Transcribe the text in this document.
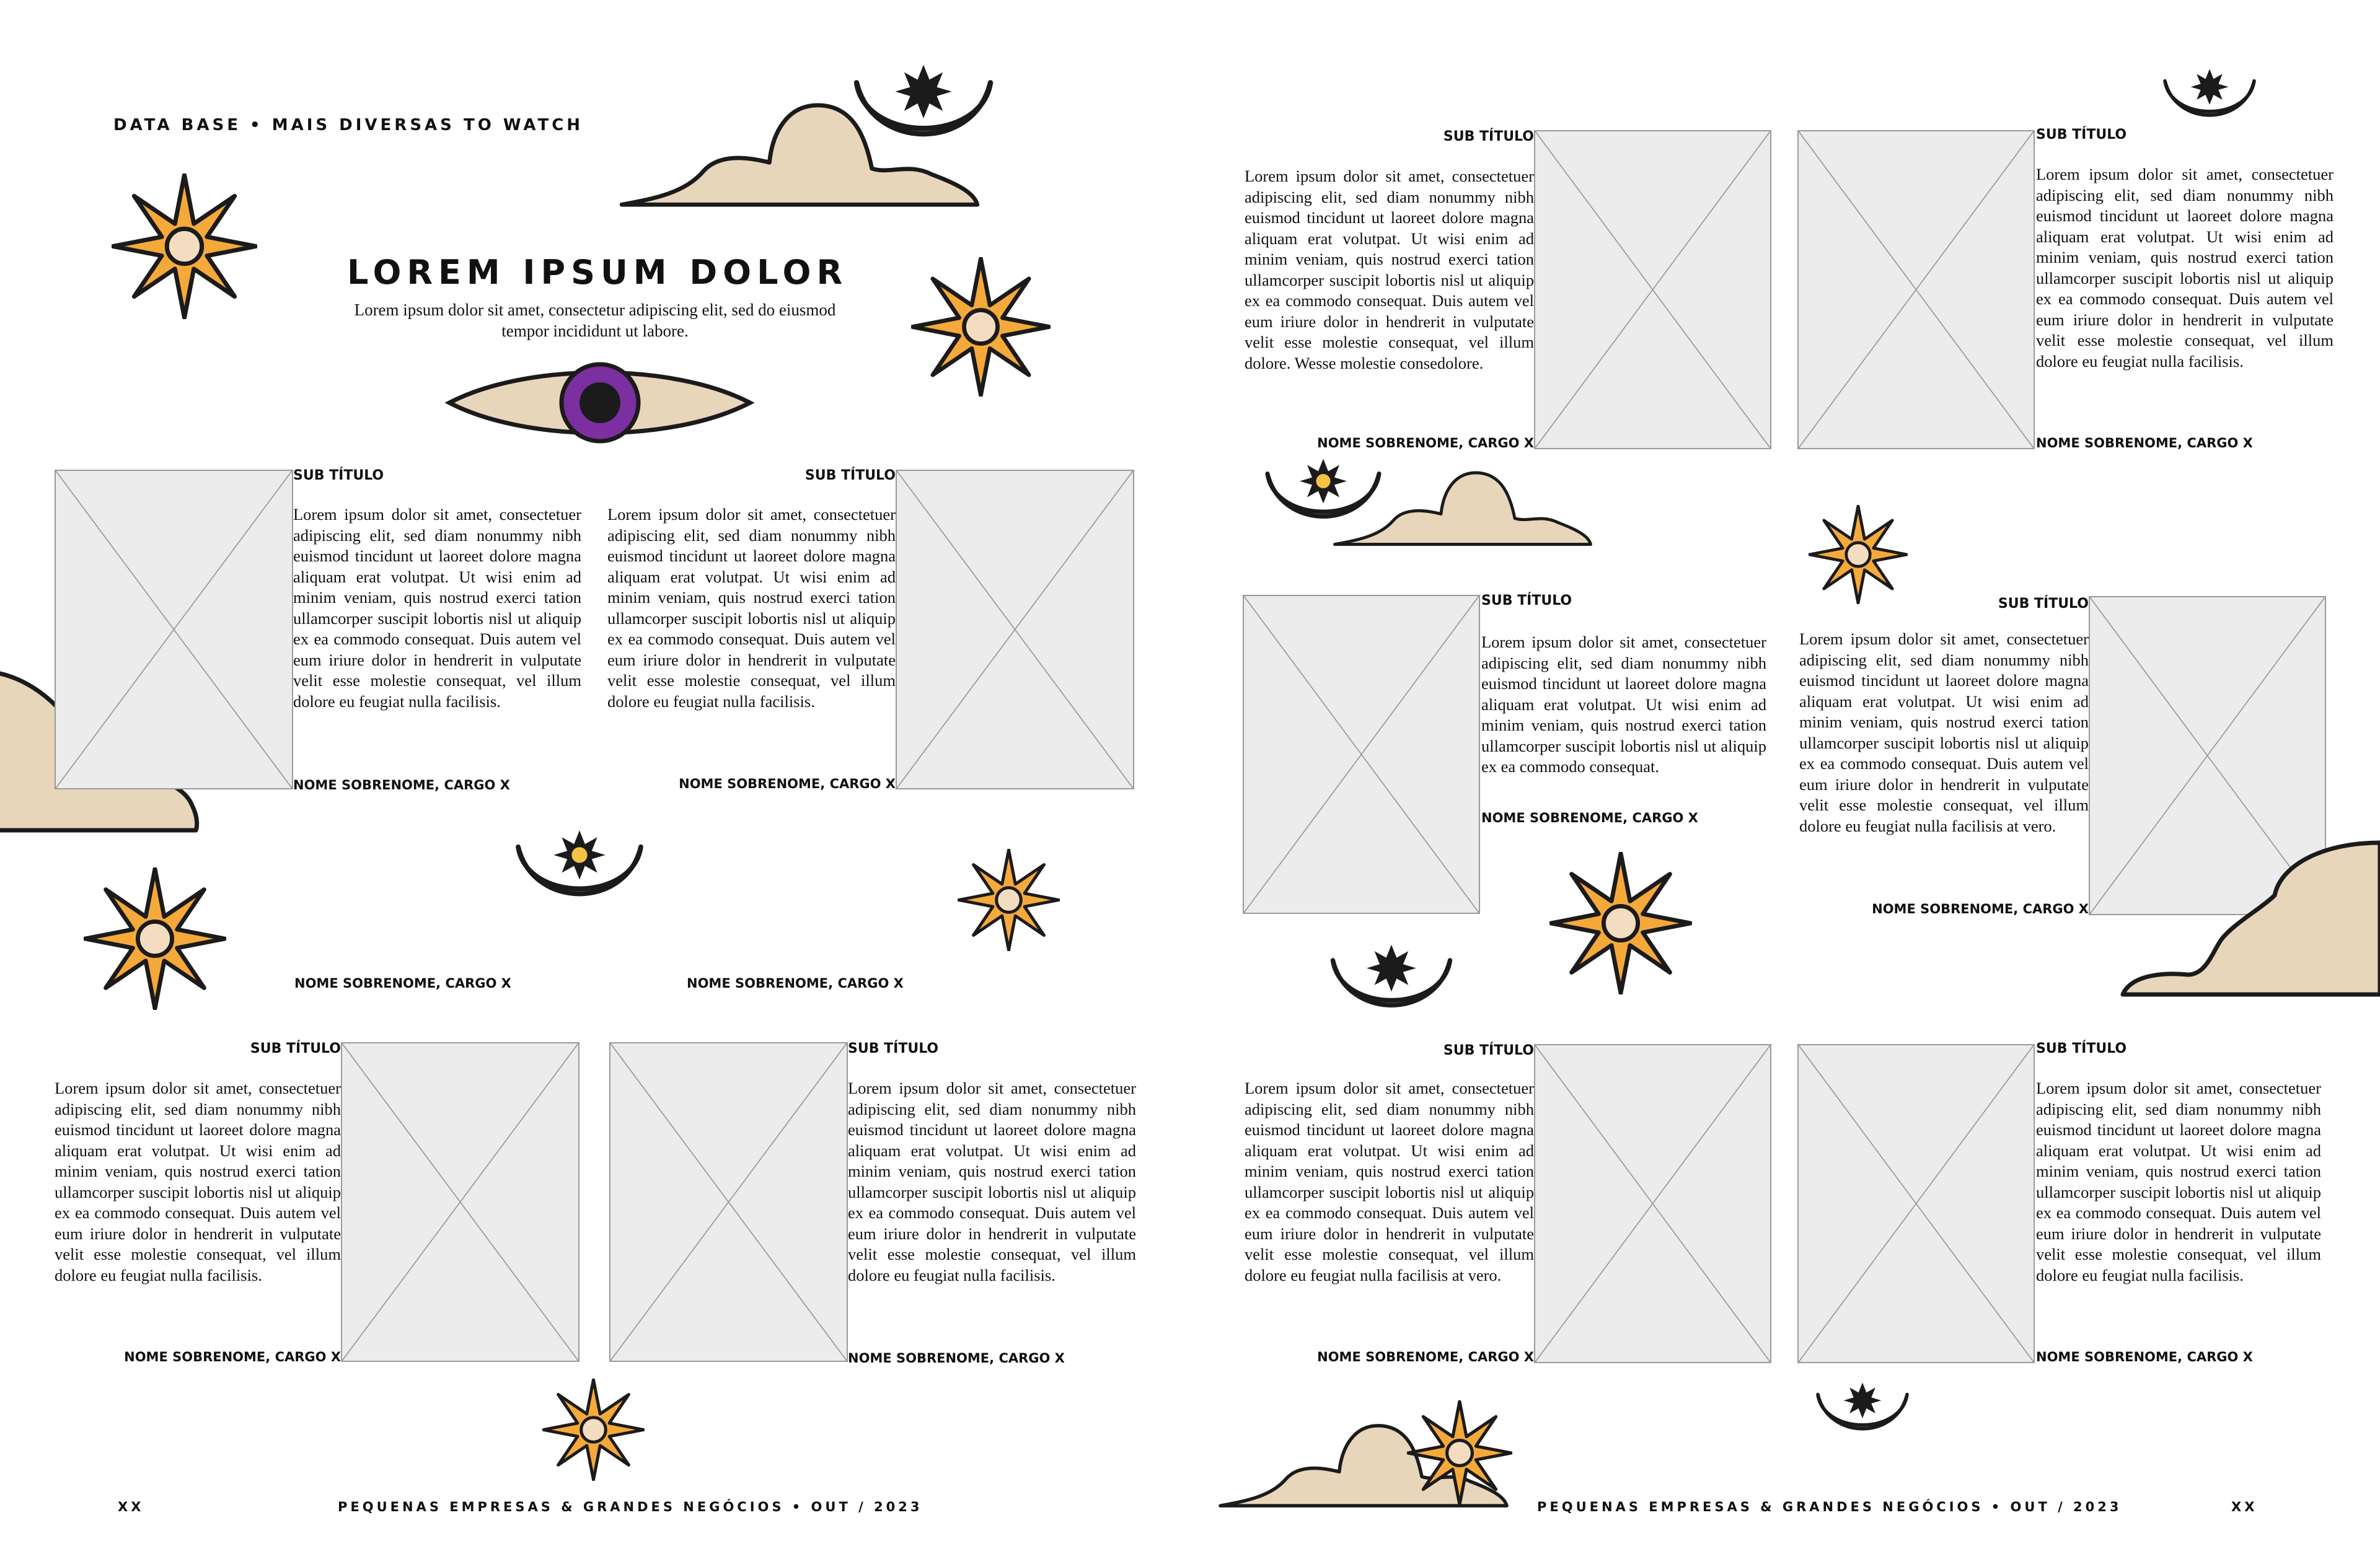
DATA BASE • MAIS DIVERSAS TO WATCH
LOREM IPSUM DOLOR
Lorem ipsum dolor sit amet, consectetur adipiscing elit, sed do eiusmod tempor incididunt ut labore.
SUB TÍTULO
Lorem ipsum dolor sit amet, consectetuer adipiscing elit, sed diam nonummy nibh euismod tincidunt ut laoreet dolore magna aliquam erat volutpat. Ut wisi enim ad minim veniam, quis nostrud exerci tation ullamcorper suscipit lobortis nisl ut aliquip ex ea commodo consequat. Duis autem vel eum iriure dolor in hendrerit in vulputate velit esse molestie consequat, vel illum dolore eu feugiat nulla facilisis.
NOME SOBRENOME, CARGO X
SUB TÍTULO
Lorem ipsum dolor sit amet, consectetuer adipiscing elit, sed diam nonummy nibh euismod tincidunt ut laoreet dolore magna aliquam erat volutpat. Ut wisi enim ad minim veniam, quis nostrud exerci tation ullamcorper suscipit lobortis nisl ut aliquip ex ea commodo consequat. Duis autem vel eum iriure dolor in hendrerit in vulputate velit esse molestie consequat, vel illum dolore eu feugiat nulla facilisis.
NOME SOBRENOME, CARGO X
NOME SOBRENOME, CARGO X	NOME SOBRENOME, CARGO X
SUB TÍTULO
Lorem ipsum dolor sit amet, consectetuer adipiscing elit, sed diam nonummy nibh euismod tincidunt ut laoreet dolore magna aliquam erat volutpat. Ut wisi enim ad minim veniam, quis nostrud exerci tation ullamcorper suscipit lobortis nisl ut aliquip ex ea commodo consequat. Duis autem vel eum iriure dolor in hendrerit in vulputate velit esse molestie consequat, vel illum dolore eu feugiat nulla facilisis.
NOME SOBRENOME, CARGO X
SUB TÍTULO
Lorem ipsum dolor sit amet, consectetuer adipiscing elit, sed diam nonummy nibh euismod tincidunt ut laoreet dolore magna aliquam erat volutpat. Ut wisi enim ad minim veniam, quis nostrud exerci tation ullamcorper suscipit lobortis nisl ut aliquip ex ea commodo consequat. Duis autem vel eum iriure dolor in hendrerit in vulputate velit esse molestie consequat, vel illum dolore eu feugiat nulla facilisis.
NOME SOBRENOME, CARGO X
XX	PEQUENAS EMPRESAS & GRANDES NEGÓCIOS • OUT / 2023
SUB TÍTULO
Lorem ipsum dolor sit amet, consectetuer adipiscing elit, sed diam nonummy nibh euismod tincidunt ut laoreet dolore magna aliquam erat volutpat. Ut wisi enim ad minim veniam, quis nostrud exerci tation ullamcorper suscipit lobortis nisl ut aliquip ex ea commodo consequat. Duis autem vel eum iriure dolor in hendrerit in vulputate velit esse molestie consequat, vel illum dolore. Wesse molestie consedolore.
NOME SOBRENOME, CARGO X
SUB TÍTULO
Lorem ipsum dolor sit amet, consectetuer adipiscing elit, sed diam nonummy nibh euismod tincidunt ut laoreet dolore magna aliquam erat volutpat. Ut wisi enim ad minim veniam, quis nostrud exerci tation ullamcorper suscipit lobortis nisl ut aliquip ex ea commodo consequat. Duis autem vel eum iriure dolor in hendrerit in vulputate velit esse molestie consequat, vel illum dolore eu feugiat nulla facilisis.
NOME SOBRENOME, CARGO X
SUB TÍTULO
Lorem ipsum dolor sit amet, consectetuer adipiscing elit, sed diam nonummy nibh euismod tincidunt ut laoreet dolore magna aliquam erat volutpat. Ut wisi enim ad minim veniam, quis nostrud exerci tation ullamcorper suscipit lobortis nisl ut aliquip ex ea commodo consequat.
NOME SOBRENOME, CARGO X
SUB TÍTULO
Lorem ipsum dolor sit amet, consectetuer adipiscing elit, sed diam nonummy nibh euismod tincidunt ut laoreet dolore magna aliquam erat volutpat. Ut wisi enim ad minim veniam, quis nostrud exerci tation ullamcorper suscipit lobortis nisl ut aliquip ex ea commodo consequat. Duis autem vel eum iriure dolor in hendrerit in vulputate velit esse molestie consequat, vel illum dolore eu feugiat nulla facilisis at vero.
NOME SOBRENOME, CARGO X
SUB TÍTULO
Lorem ipsum dolor sit amet, consectetuer adipiscing elit, sed diam nonummy nibh euismod tincidunt ut laoreet dolore magna aliquam erat volutpat. Ut wisi enim ad minim veniam, quis nostrud exerci tation ullamcorper suscipit lobortis nisl ut aliquip ex ea commodo consequat. Duis autem vel eum iriure dolor in hendrerit in vulputate velit esse molestie consequat, vel illum dolore eu feugiat nulla facilisis at vero.
NOME SOBRENOME, CARGO X
SUB TÍTULO
Lorem ipsum dolor sit amet, consectetuer adipiscing elit, sed diam nonummy nibh euismod tincidunt ut laoreet dolore magna aliquam erat volutpat. Ut wisi enim ad minim veniam, quis nostrud exerci tation ullamcorper suscipit lobortis nisl ut aliquip ex ea commodo consequat. Duis autem vel eum iriure dolor in hendrerit in vulputate velit esse molestie consequat, vel illum dolore eu feugiat nulla facilisis.
NOME SOBRENOME, CARGO X
PEQUENAS EMPRESAS & GRANDES NEGÓCIOS • OUT / 2023	XX
